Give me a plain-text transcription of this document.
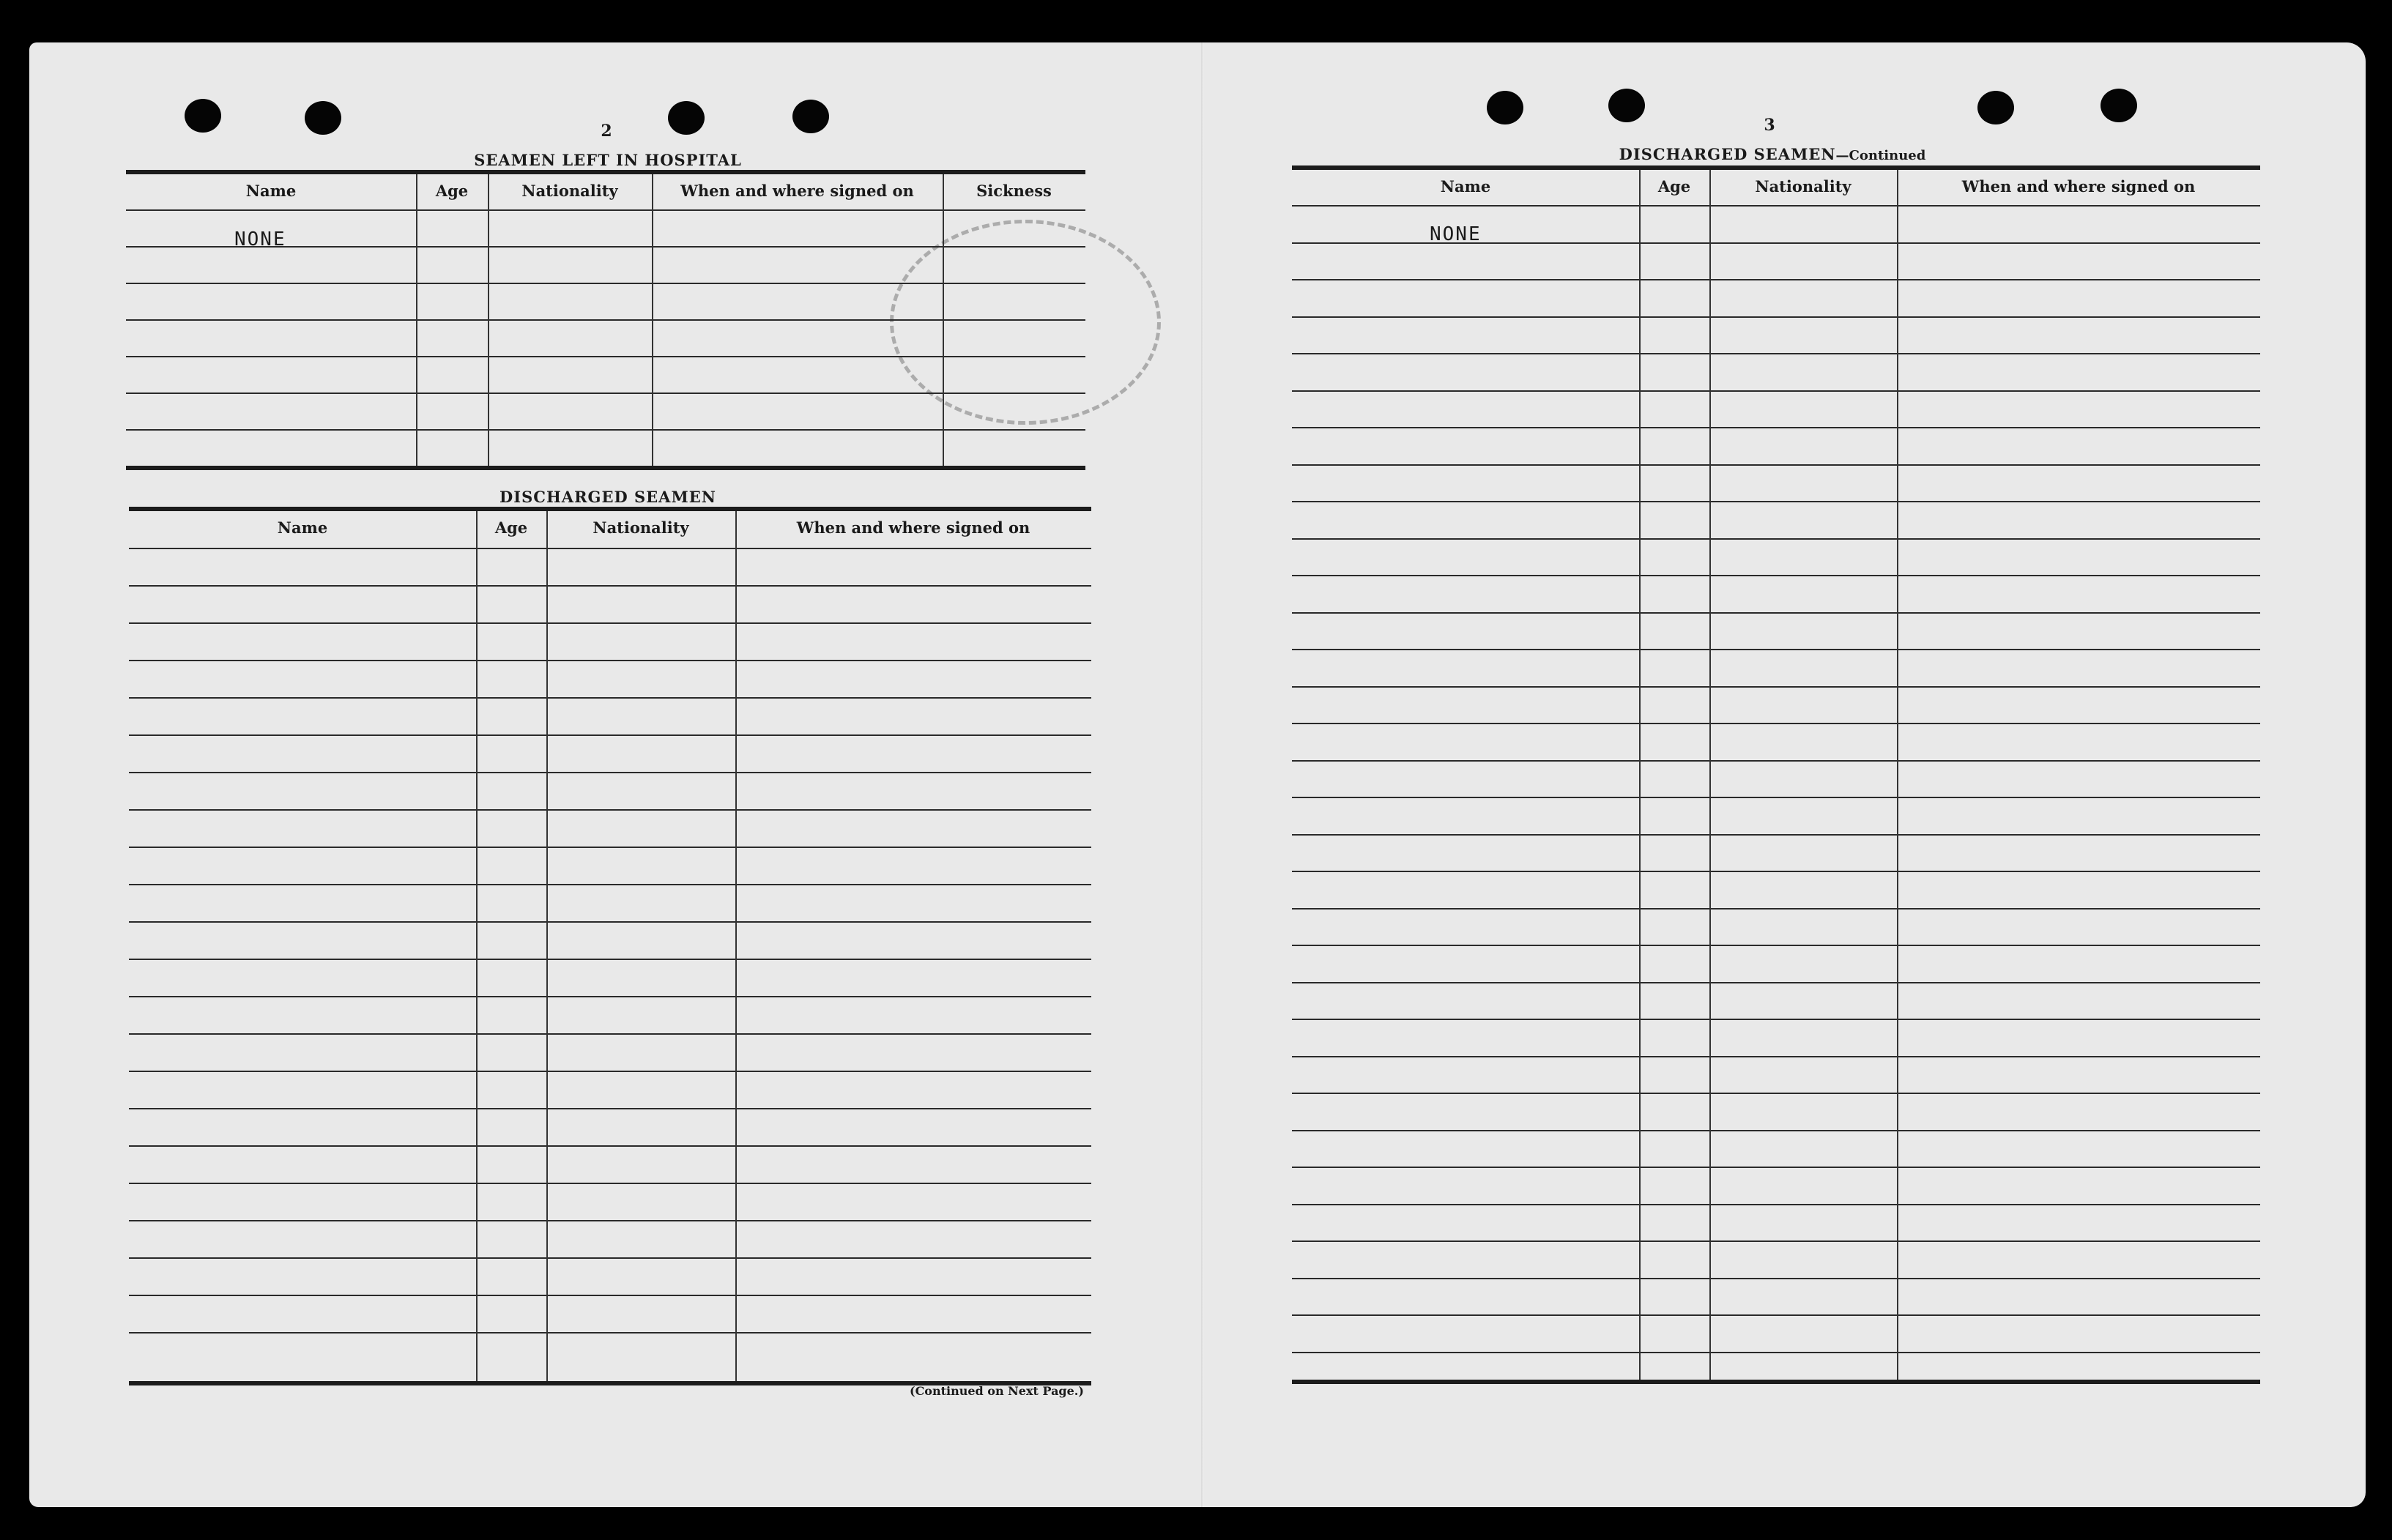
2
SEAMEN LEFT IN HOSPITAL
Name	Age	Nationality	When and where signed on	Sickness
NONE
DISCHARGED SEAMEN
Name	Age	Nationality	When and where signed on
(Continued on Next Page.)
3
DISCHARGED SEAMEN—Continued
Name	Age	Nationality	When and where signed on
NONE
